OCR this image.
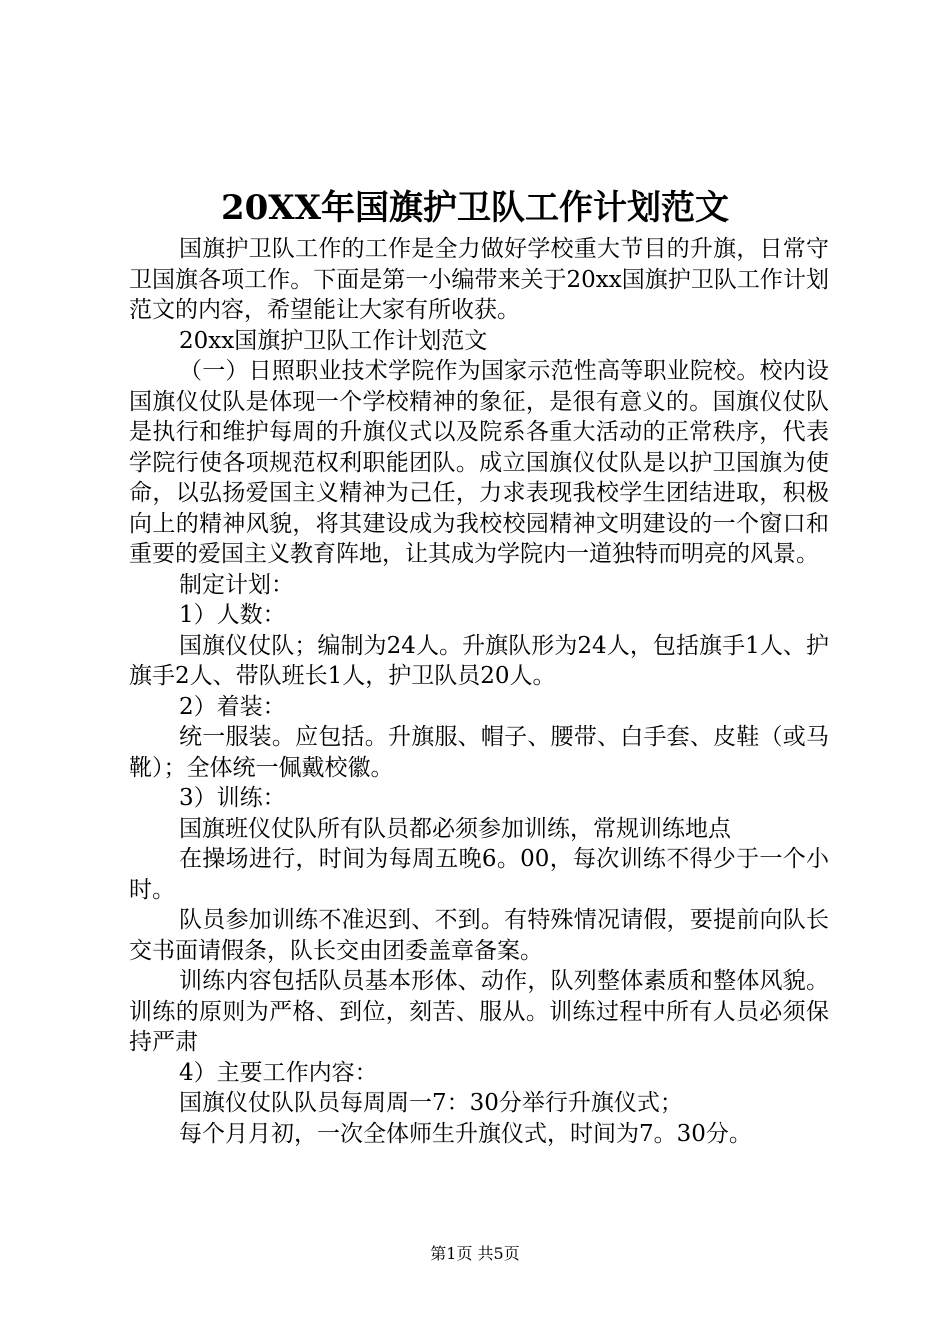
20XX年国旗护卫队工作计划范文

国旗护卫队工作的工作是全力做好学校重大节目的升旗，日常守卫国旗各项工作。下面是第一小编带来关于20xx国旗护卫队工作计划范文的内容，希望能让大家有所收获。

20xx国旗护卫队工作计划范文

（一）日照职业技术学院作为国家示范性高等职业院校。校内设国旗仪仗队是体现一个学校精神的象征，是很有意义的。国旗仪仗队是执行和维护每周的升旗仪式以及院系各重大活动的正常秩序，代表学院行使各项规范权利职能团队。成立国旗仪仗队是以护卫国旗为使命，以弘扬爱国主义精神为己任，力求表现我校学生团结进取，积极向上的精神风貌，将其建设成为我校校园精神文明建设的一个窗口和重要的爱国主义教育阵地，让其成为学院内一道独特而明亮的风景。

制定计划：

1）人数：

国旗仪仗队；编制为24人。升旗队形为24人，包括旗手1人、护旗手2人、带队班长1人，护卫队员20人。

2）着装：

统一服装。应包括。升旗服、帽子、腰带、白手套、皮鞋（或马靴）；全体统一佩戴校徽。

3）训练：

国旗班仪仗队所有队员都必须参加训练，常规训练地点

在操场进行，时间为每周五晚6。00，每次训练不得少于一个小时。

队员参加训练不准迟到、不到。有特殊情况请假，要提前向队长交书面请假条，队长交由团委盖章备案。

训练内容包括队员基本形体、动作，队列整体素质和整体风貌。训练的原则为严格、到位，刻苦、服从。训练过程中所有人员必须保持严肃

4）主要工作内容：

国旗仪仗队队员每周周一7：30分举行升旗仪式；

每个月月初，一次全体师生升旗仪式，时间为7。30分。

第1页 共5页
